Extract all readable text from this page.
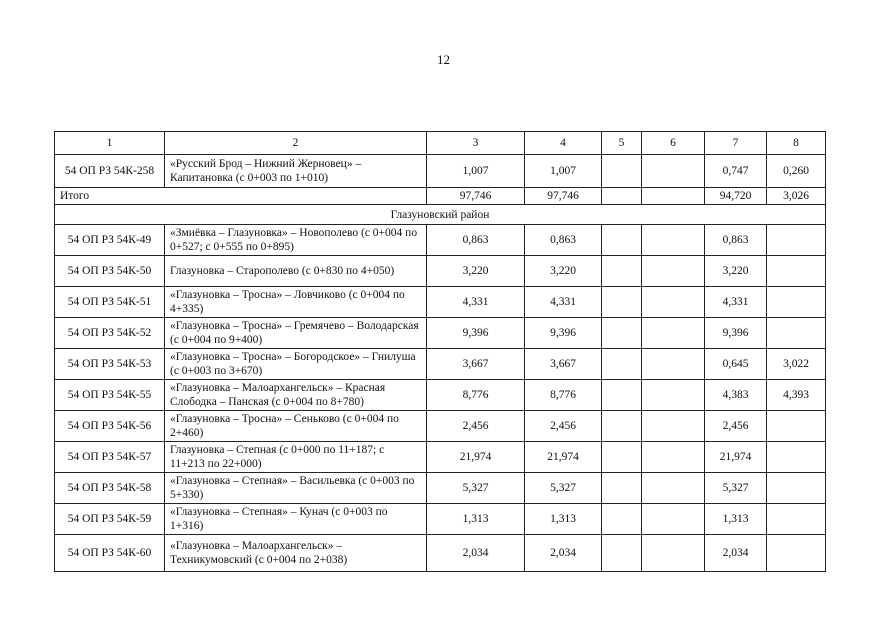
12
1	2	3	4	5	6	7	8
54 ОП РЗ 54К-258	«Русский Брод – Нижний Жерновец» – Капитановка (с 0+003 по 1+010)	1,007	1,007			0,747	0,260
Итого		97,746	97,746			94,720	3,026
Глазуновский район							
54 ОП РЗ 54К-49	«Змиёвка – Глазуновка» – Новополево (с 0+004 по 0+527; с 0+555 по 0+895)	0,863	0,863			0,863	
54 ОП РЗ 54К-50	Глазуновка – Старополево (с 0+830 по 4+050)	3,220	3,220			3,220	
54 ОП РЗ 54К-51	«Глазуновка – Тросна» – Ловчиково (с 0+004 по 4+335)	4,331	4,331			4,331	
54 ОП РЗ 54К-52	«Глазуновка – Тросна» – Гремячево – Володарская (с 0+004 по 9+400)	9,396	9,396			9,396	
54 ОП РЗ 54К-53	«Глазуновка – Тросна» – Богородское» – Гнилуша (с 0+003 по 3+670)	3,667	3,667			0,645	3,022
54 ОП РЗ 54К-55	«Глазуновка – Малоархангельск» – Красная Слободка – Панская (с 0+004 по 8+780)	8,776	8,776			4,383	4,393
54 ОП РЗ 54К-56	«Глазуновка – Тросна» – Сеньково (с 0+004 по 2+460)	2,456	2,456			2,456	
54 ОП РЗ 54К-57	Глазуновка – Степная (с 0+000 по 11+187; с 11+213 по 22+000)	21,974	21,974			21,974	
54 ОП РЗ 54К-58	«Глазуновка – Степная» – Васильевка (с 0+003 по 5+330)	5,327	5,327			5,327	
54 ОП РЗ 54К-59	«Глазуновка – Степная» – Кунач (с 0+003 по 1+316)	1,313	1,313			1,313	
54 ОП РЗ 54К-60	«Глазуновка – Малоархангельск» – Техникумовский (с 0+004 по 2+038)	2,034	2,034			2,034	
